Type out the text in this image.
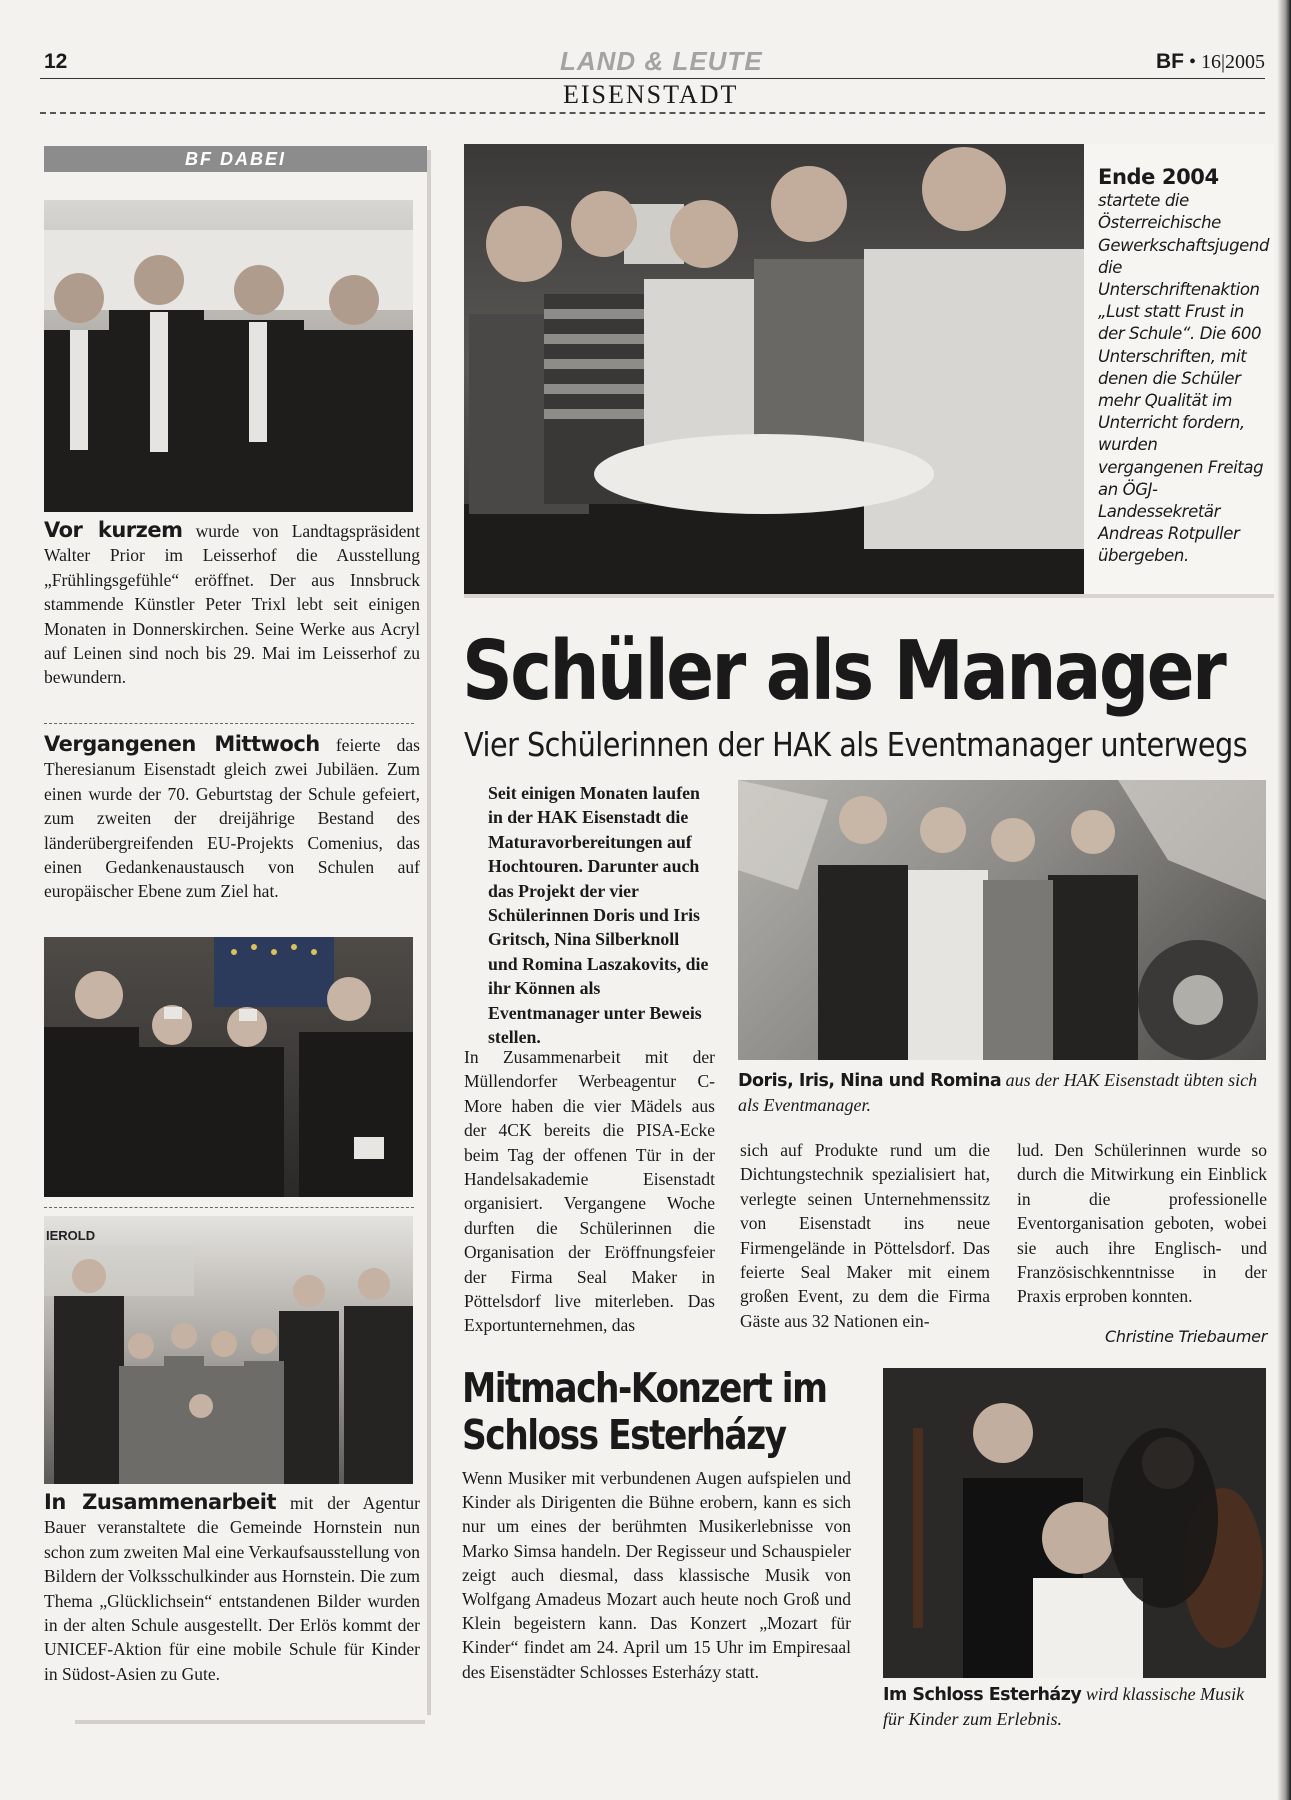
12	LAND & LEUTE
EISENSTADT
BF • 16|2005
BF DABEI
Vor kurzem wurde von Landtagspräsident Walter Prior im Leisserhof die Ausstellung „Frühlingsgefühle“ eröffnet. Der aus Innsbruck stammende Künstler Peter Trixl lebt seit einigen Monaten in Donnerskirchen. Seine Werke aus Acryl auf Leinen sind noch bis 29. Mai im Leisserhof zu bewundern.
Vergangenen Mittwoch feierte das Theresianum Eisenstadt gleich zwei Jubiläen. Zum einen wurde der 70. Geburtstag der Schule gefeiert, zum zweiten der dreijährige Bestand des länderübergreifenden EU-Projekts Comenius, das einen Gedankenaustausch von Schulen auf europäischer Ebene zum Ziel hat.
IEROLD
In Zusammenarbeit mit der Agentur Bauer veranstaltete die Gemeinde Hornstein nun schon zum zweiten Mal eine Verkaufsausstellung von Bildern der Volksschulkinder aus Hornstein. Die zum Thema „Glücklichsein“ entstandenen Bilder wurden in der alten Schule ausgestellt. Der Erlös kommt der UNICEF-Aktion für eine mobile Schule für Kinder in Südost-Asien zu Gute.
Ende 2004 startete die Österreichische Gewerkschaftsjugend die Unterschriftenaktion „Lust statt Frust in der Schule“. Die 600 Unterschriften, mit denen die Schüler mehr Qualität im Unterricht fordern, wurden vergangenen Freitag an ÖGJ-Landessekretär Andreas Rotpuller übergeben.
Schüler als Manager
Vier Schülerinnen der HAK als Eventmanager unterwegs
Seit einigen Monaten laufen in der HAK Eisenstadt die Maturavorbereitungen auf Hochtouren. Darunter auch das Projekt der vier Schülerinnen Doris und Iris Gritsch, Nina Silberknoll und Romina Laszakovits, die ihr Können als Eventmanager unter Beweis stellen.
Doris, Iris, Nina und Romina aus der HAK Eisenstadt übten sich als Eventmanager.
In Zusammenarbeit mit der Müllendorfer Werbeagentur C-More haben die vier Mädels aus der 4CK bereits die PISA-Ecke beim Tag der offenen Tür in der Handelsakademie Eisenstadt organisiert. Vergangene Woche durften die Schülerinnen die Organisation der Eröffnungsfeier der Firma Seal Maker in Pöttelsdorf live miterleben. Das Exportunternehmen, das
sich auf Produkte rund um die Dichtungstechnik spezialisiert hat, verlegte seinen Unternehmenssitz von Eisenstadt ins neue Firmengelände in Pöttelsdorf. Das feierte Seal Maker mit einem großen Event, zu dem die Firma Gäste aus 32 Nationen ein-
lud. Den Schülerinnen wurde so durch die Mitwirkung ein Einblick in die professionelle Eventorganisation geboten, wobei sie auch ihre Englisch- und Französischkenntnisse in der Praxis erproben konnten.
Christine Triebaumer
Mitmach-Konzert im
Schloss Esterházy
Wenn Musiker mit verbundenen Augen aufspielen und Kinder als Dirigenten die Bühne erobern, kann es sich nur um eines der berühmten Musikerlebnisse von Marko Simsa handeln. Der Regisseur und Schauspieler zeigt auch diesmal, dass klassische Musik von Wolfgang Amadeus Mozart auch heute noch Groß und Klein begeistern kann. Das Konzert „Mozart für Kinder“ findet am 24. April um 15 Uhr im Empiresaal des Eisenstädter Schlosses Esterházy statt.
Im Schloss Esterházy wird klassische Musik für Kinder zum Erlebnis.
